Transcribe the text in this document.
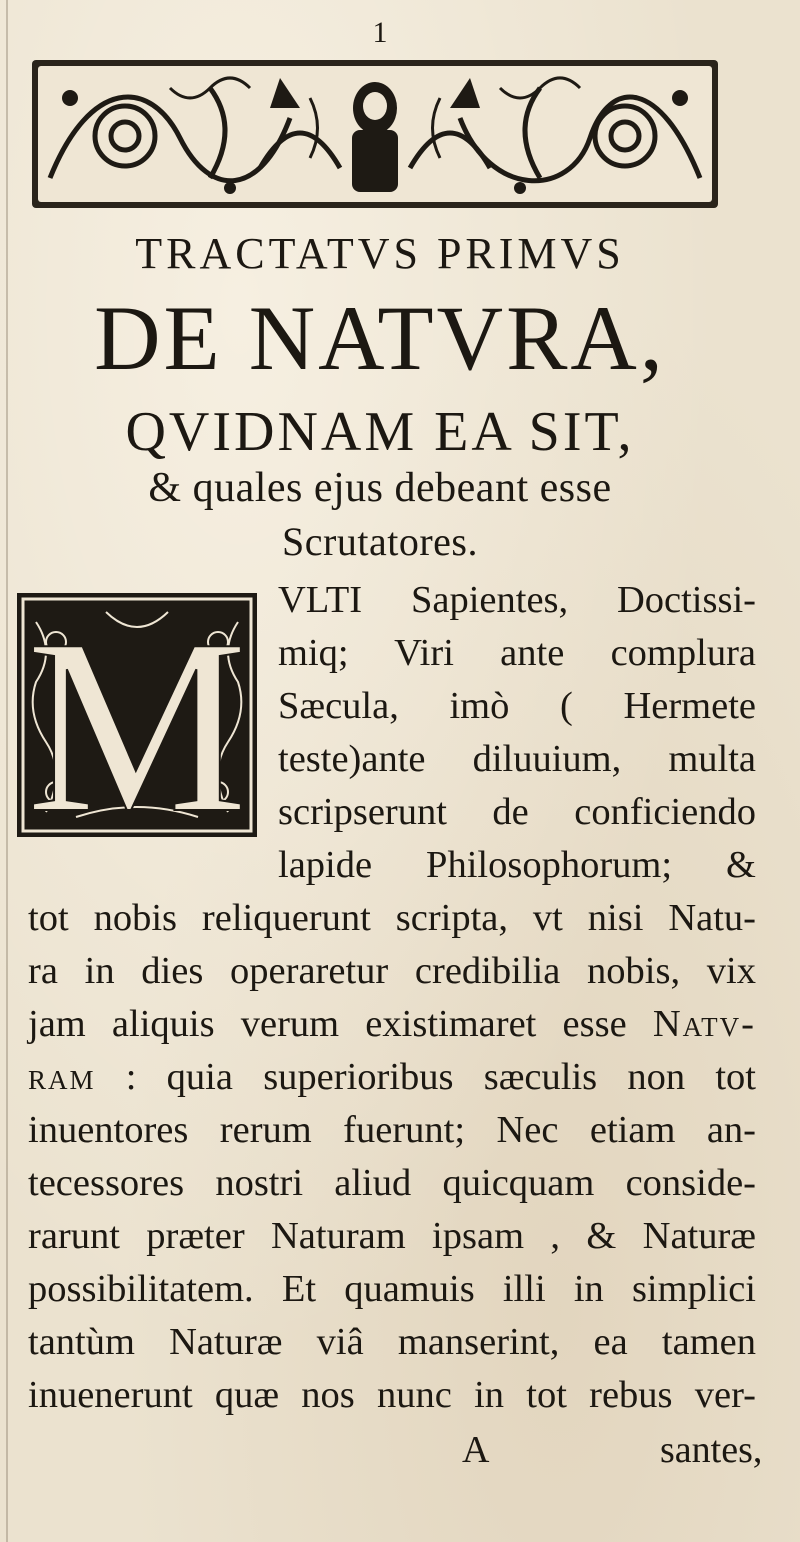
1
TRACTATVS PRIMVS
DE NATVRA,
QVIDNAM EA SIT,
& quales ejus debeant esse
Scrutatores.
M VLTI Sapientes, Doctissi-
miq; Viri ante complura
Sæcula, imò ( Hermete
teste)ante diluuium, multa
scripserunt de conficiendo
lapide Philosophorum; &
tot nobis reliquerunt scripta, vt nisi Natu-
ra in dies operaretur credibilia nobis, vix
jam aliquis verum existimaret esse Natv-
ram : quia superioribus sæculis non tot
inuentores rerum fuerunt; Nec etiam an-
tecessores nostri aliud quicquam conside-
rarunt præter Naturam ipsam , & Naturæ
possibilitatem. Et quamuis illi in simplici
tantùm Naturæ viâ manserint, ea tamen
inuenerunt quæ nos nunc in tot rebus ver-
A	santes,
